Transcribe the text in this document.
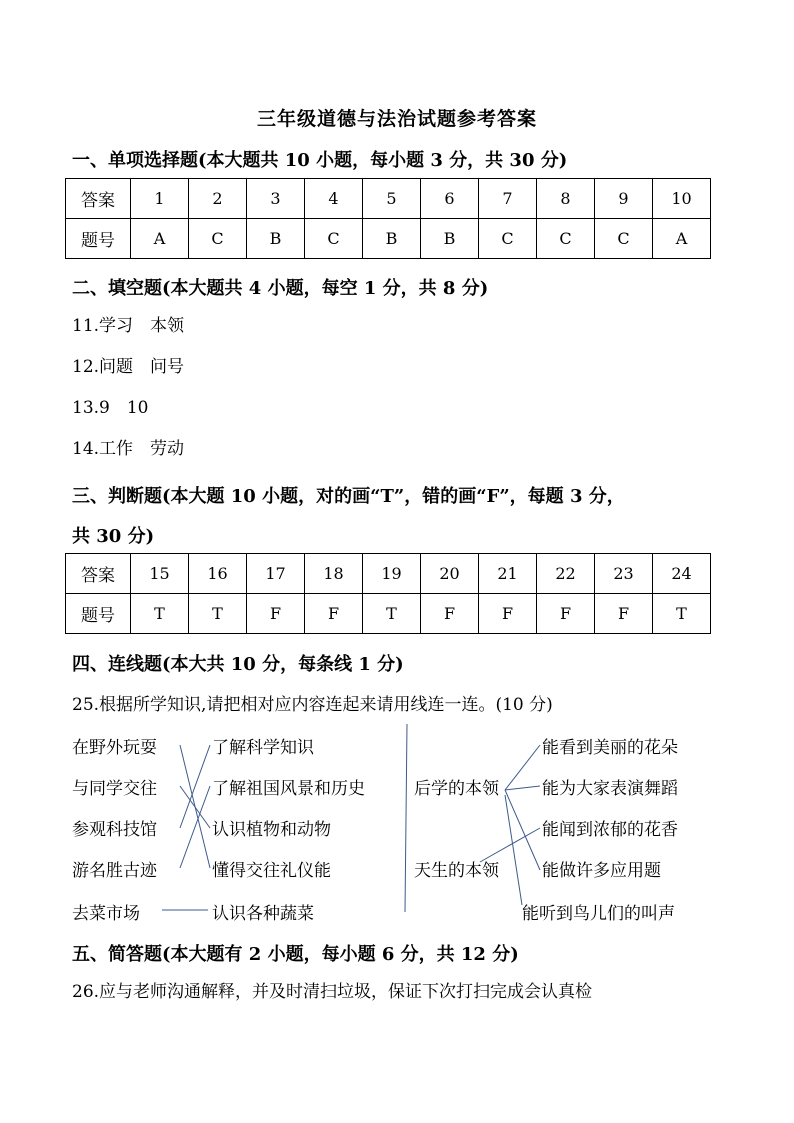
三年级道德与法治试题参考答案
一、单项选择题(本大题共 10 小题，每小题 3 分，共 30 分)
答案	1	2	3	4	5	6	7	8	9	10
题号	A	C	B	C	B	B	C	C	C	A
二、填空题(本大题共 4 小题，每空 1 分，共 8 分)
11.学习　本领
12.问题　问号
13.9　10
14.工作　劳动
三、判断题(本大题 10 小题，对的画“T”，错的画“F”，每题 3 分，
共 30 分)
答案	15	16	17	18	19	20	21	22	23	24
题号	T	T	F	F	T	F	F	F	F	T
四、连线题(本大共 10 分，每条线 1 分)
25.根据所学知识,请把相对应内容连起来请用线连一连。(10 分)
在野外玩耍
与同学交往
参观科技馆
游名胜古迹
去菜市场
了解科学知识
了解祖国风景和历史
认识植物和动物
懂得交往礼仪能
认识各种蔬菜
后学的本领
天生的本领
能看到美丽的花朵
能为大家表演舞蹈
能闻到浓郁的花香
能做许多应用题
能听到鸟儿们的叫声
五、简答题(本大题有 2 小题，每小题 6 分，共 12 分)
26.应与老师沟通解释，并及时清扫垃圾，保证下次打扫完成会认真检
